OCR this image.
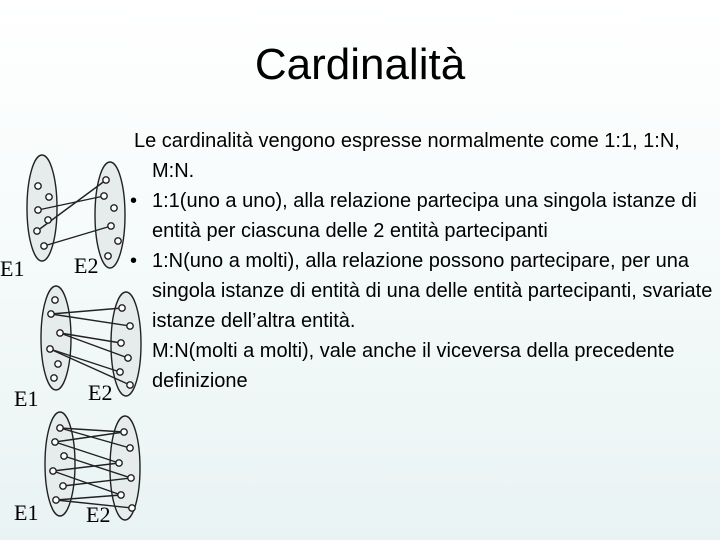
Cardinalità

Le cardinalità vengono espresse normalmente come 1:1, 1:N, M:N.

• 1:1(uno a uno), alla relazione partecipa una singola istanze di entità per ciascuna delle 2 entità partecipanti

• 1:N(uno a molti), alla relazione possono partecipare, per una singola istanze di entità di una delle entità partecipanti, svariate istanze dell’altra entità.

• M:N(molti a molti), vale anche il viceversa della precedente definizione

E1 E2
E1 E2
E1 E2
